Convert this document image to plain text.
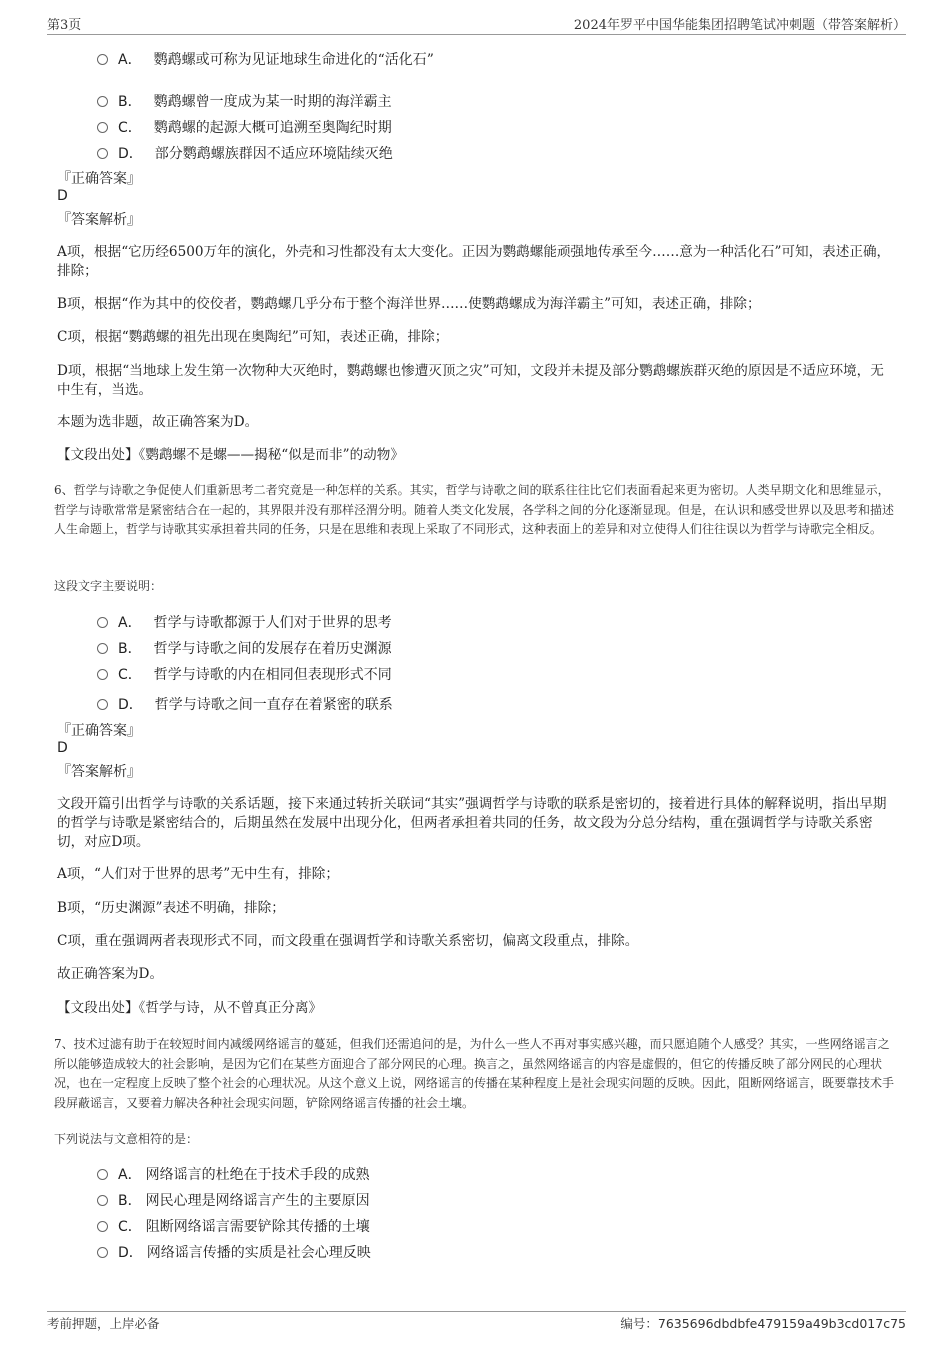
第3页	2024年罗平中国华能集团招聘笔试冲刺题（带答案解析）
A． 鹦鹉螺或可称为见证地球生命进化的“活化石”
B． 鹦鹉螺曾一度成为某一时期的海洋霸主
C． 鹦鹉螺的起源大概可追溯至奥陶纪时期
D． 部分鹦鹉螺族群因不适应环境陆续灭绝
『正确答案』
D
『答案解析』
A项，根据“它历经6500万年的演化，外壳和习性都没有太大变化。正因为鹦鹉螺能顽强地传承至今……意为一种活化石”可知，表述正确，排除；
B项，根据“作为其中的佼佼者，鹦鹉螺几乎分布于整个海洋世界……使鹦鹉螺成为海洋霸主”可知，表述正确，排除；
C项，根据“鹦鹉螺的祖先出现在奥陶纪”可知，表述正确，排除；
D项，根据“当地球上发生第一次物种大灭绝时，鹦鹉螺也惨遭灭顶之灾”可知，文段并未提及部分鹦鹉螺族群灭绝的原因是不适应环境，无中生有，当选。
本题为选非题，故正确答案为D。
【文段出处】《鹦鹉螺不是螺——揭秘“似是而非”的动物》
6、哲学与诗歌之争促使人们重新思考二者究竟是一种怎样的关系。其实，哲学与诗歌之间的联系往往比它们表面看起来更为密切。人类早期文化和思维显示，哲学与诗歌常常是紧密结合在一起的，其界限并没有那样泾渭分明。随着人类文化发展，各学科之间的分化逐渐显现。但是，在认识和感受世界以及思考和描述人生命题上，哲学与诗歌其实承担着共同的任务，只是在思维和表现上采取了不同形式，这种表面上的差异和对立使得人们往往误以为哲学与诗歌完全相反。
这段文字主要说明：
A． 哲学与诗歌都源于人们对于世界的思考
B． 哲学与诗歌之间的发展存在着历史渊源
C． 哲学与诗歌的内在相同但表现形式不同
D． 哲学与诗歌之间一直存在着紧密的联系
『正确答案』
D
『答案解析』
文段开篇引出哲学与诗歌的关系话题，接下来通过转折关联词“其实”强调哲学与诗歌的联系是密切的，接着进行具体的解释说明，指出早期的哲学与诗歌是紧密结合的，后期虽然在发展中出现分化，但两者承担着共同的任务，故文段为分总分结构，重在强调哲学与诗歌关系密切，对应D项。
A项，“人们对于世界的思考”无中生有，排除；
B项，“历史渊源”表述不明确，排除；
C项，重在强调两者表现形式不同，而文段重在强调哲学和诗歌关系密切，偏离文段重点，排除。
故正确答案为D。
【文段出处】《哲学与诗，从不曾真正分离》
7、技术过滤有助于在较短时间内减缓网络谣言的蔓延，但我们还需追问的是，为什么一些人不再对事实感兴趣，而只愿追随个人感受？其实，一些网络谣言之所以能够造成较大的社会影响，是因为它们在某些方面迎合了部分网民的心理。换言之，虽然网络谣言的内容是虚假的，但它的传播反映了部分网民的心理状况，也在一定程度上反映了整个社会的心理状况。从这个意义上说，网络谣言的传播在某种程度上是社会现实问题的反映。因此，阻断网络谣言，既要靠技术手段屏蔽谣言，又要着力解决各种社会现实问题，铲除网络谣言传播的社会土壤。
下列说法与文意相符的是：
A． 网络谣言的杜绝在于技术手段的成熟
B． 网民心理是网络谣言产生的主要原因
C． 阻断网络谣言需要铲除其传播的土壤
D． 网络谣言传播的实质是社会心理反映
考前押题，上岸必备	编号：7635696dbdbfe479159a49b3cd017c75
